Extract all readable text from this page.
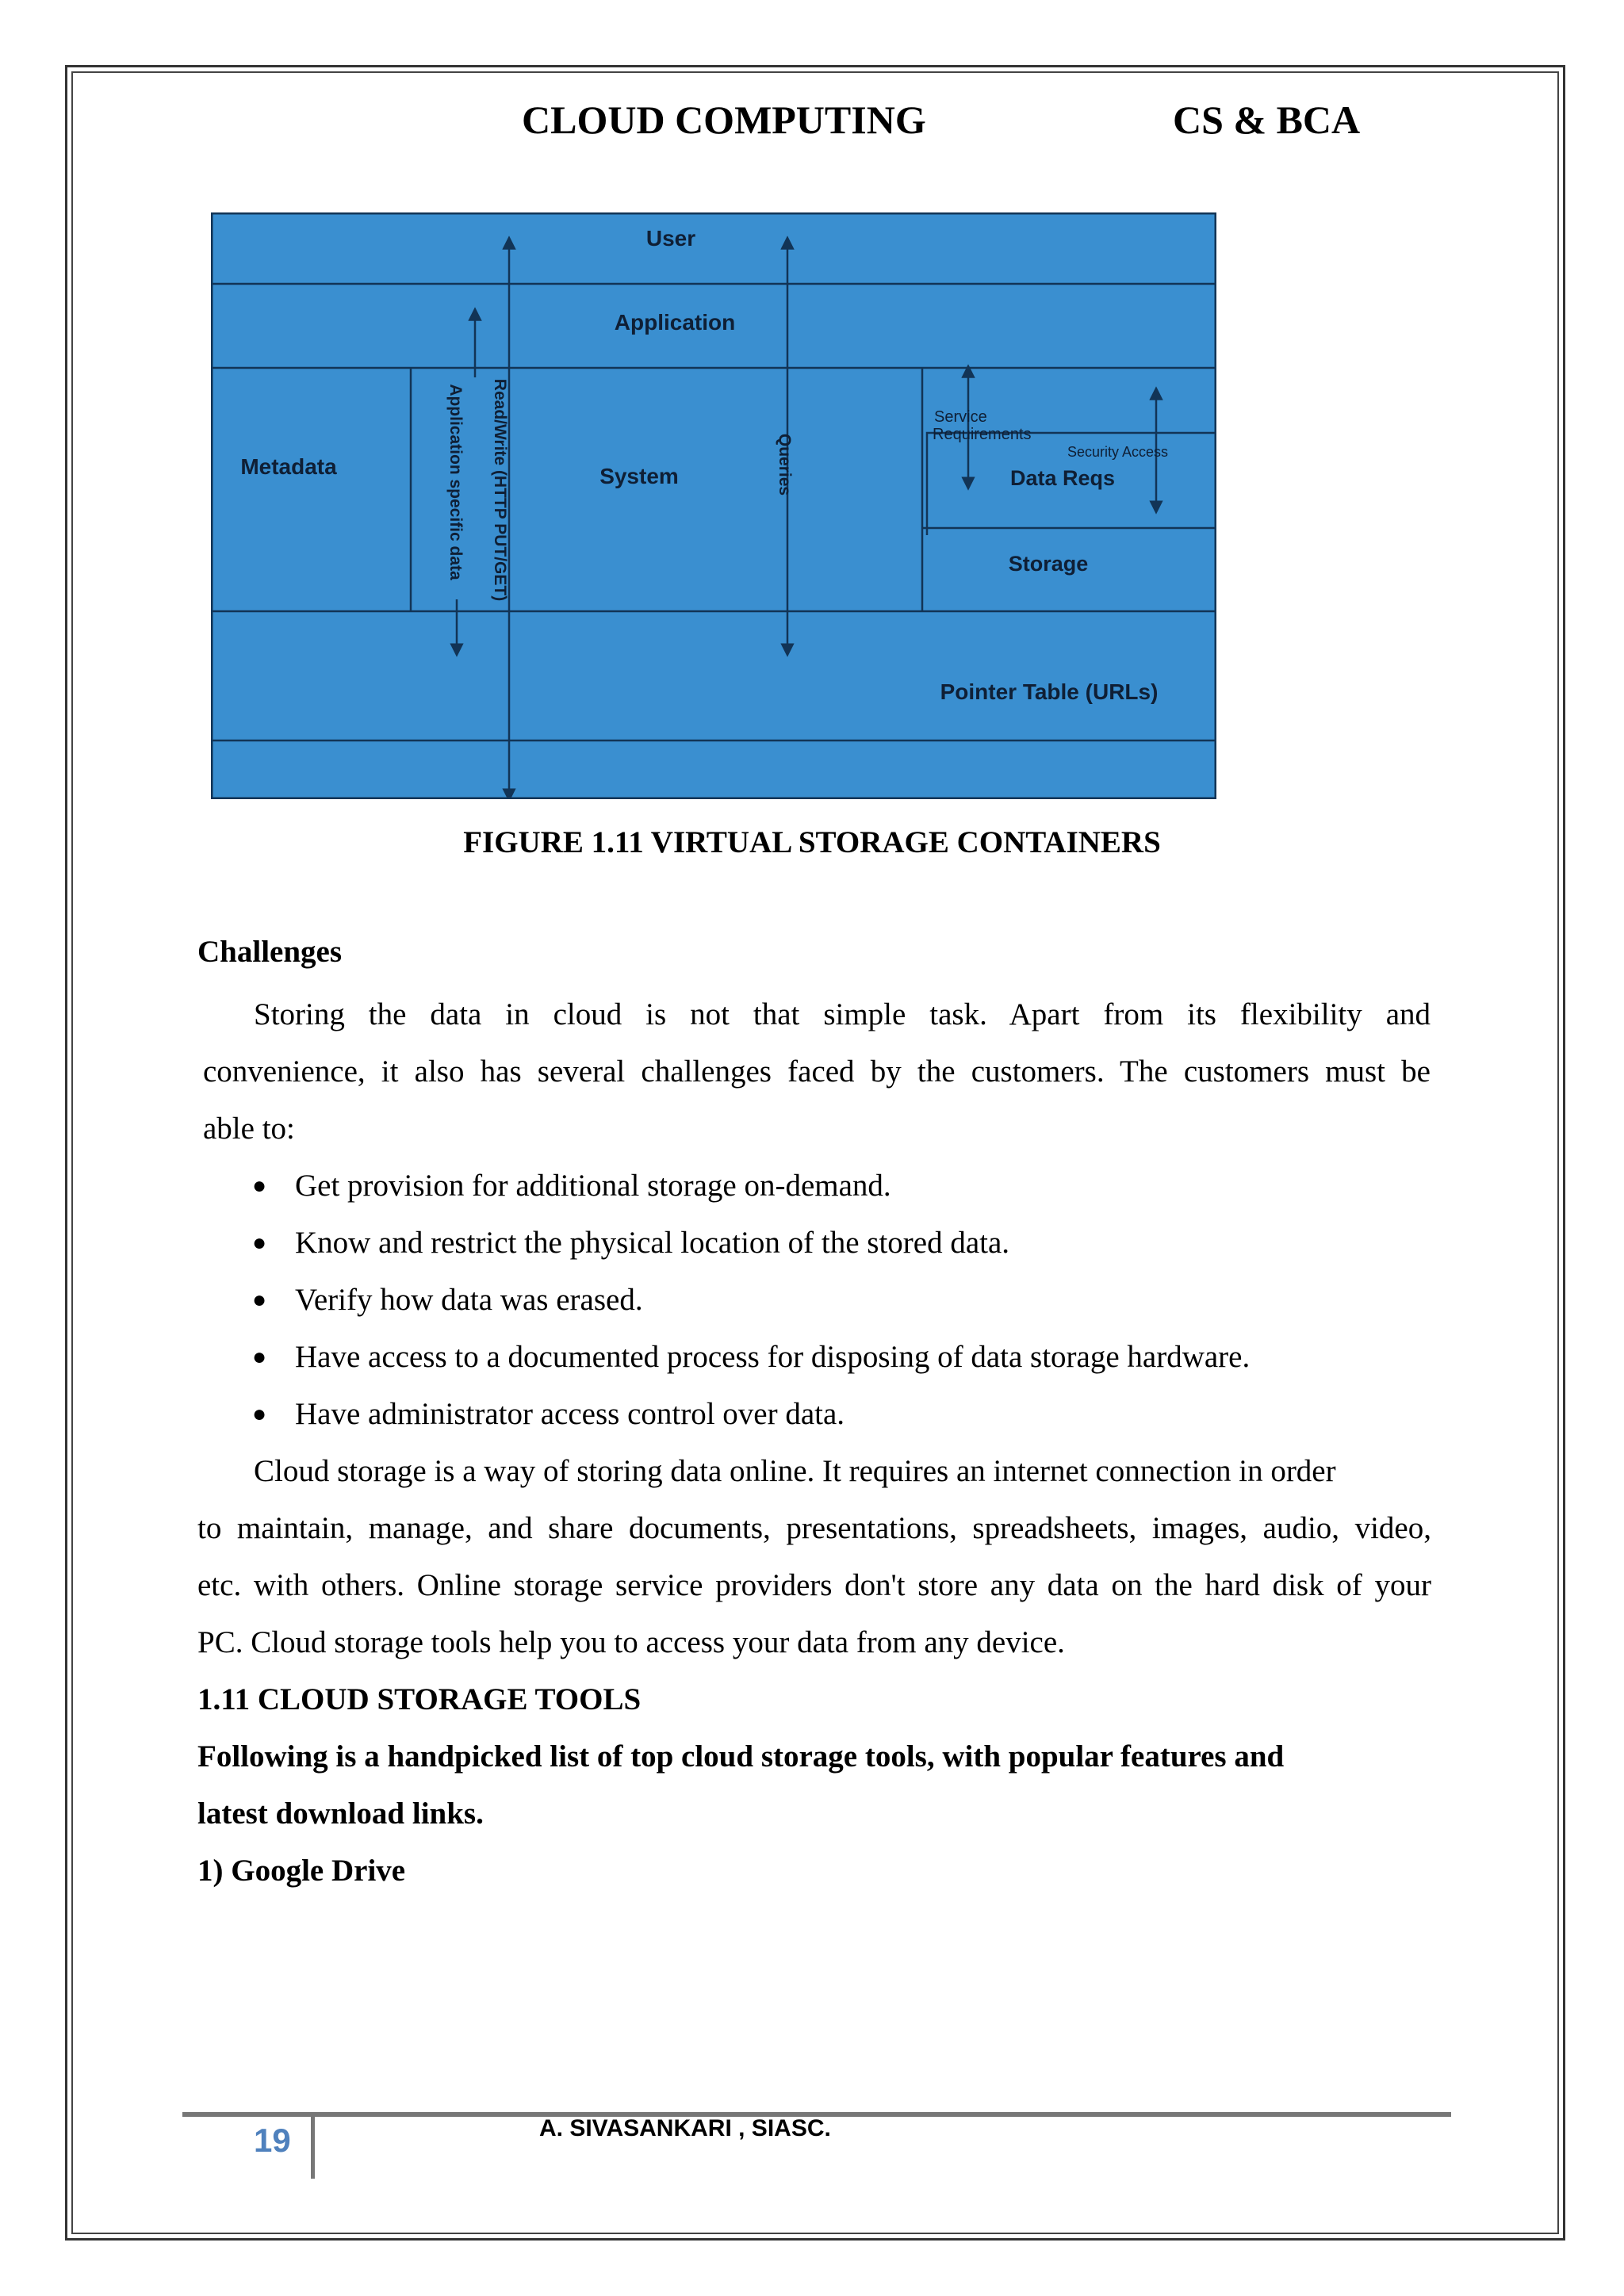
CLOUD COMPUTING	CS & BCA
User
Application
Metadata	System
Application specific data Read/Write (HTTP PUT/GET)	Queries
Service
Requirements
Security Access
Data Reqs
Storage
Pointer Table (URLs)
FIGURE 1.11 VIRTUAL STORAGE CONTAINERS
Challenges
Storing the data in cloud is not that simple task. Apart from its flexibility and
convenience, it also has several challenges faced by the customers. The customers must be
able to:
● Get provision for additional storage on-demand.
● Know and restrict the physical location of the stored data.
● Verify how data was erased.
● Have access to a documented process for disposing of data storage hardware.
● Have administrator access control over data.
Cloud storage is a way of storing data online. It requires an internet connection in order
to maintain, manage, and share documents, presentations, spreadsheets, images, audio, video,
etc. with others. Online storage service providers don't store any data on the hard disk of your
PC. Cloud storage tools help you to access your data from any device.
1.11 CLOUD STORAGE TOOLS
Following is a handpicked list of top cloud storage tools, with popular features and
latest download links.
1) Google Drive
19	A. SIVASANKARI , SIASC.
